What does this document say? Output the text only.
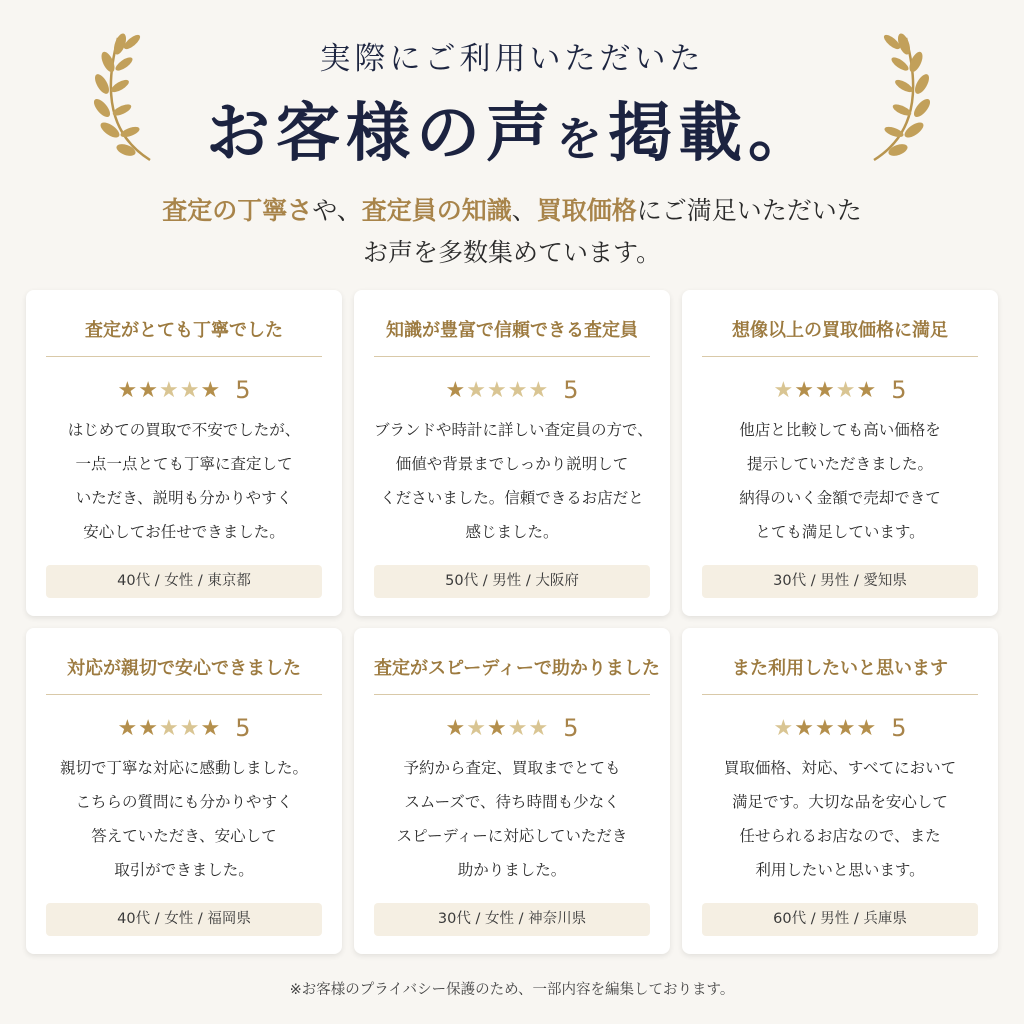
実際にご利用いただいた
お客様の声を掲載。
査定の丁寧さや、査定員の知識、買取価格にご満足いただいた
お声を多数集めています。
査定がとても丁寧でした
★★★★★ 5
はじめての買取で不安でしたが、
一点一点とても丁寧に査定して
いただき、説明も分かりやすく
安心してお任せできました。
40代 / 女性 / 東京都
知識が豊富で信頼できる査定員
★★★★★ 5
ブランドや時計に詳しい査定員の方で、
価値や背景までしっかり説明して
くださいました。信頼できるお店だと
感じました。
50代 / 男性 / 大阪府
想像以上の買取価格に満足
★★★★★ 5
他店と比較しても高い価格を
提示していただきました。
納得のいく金額で売却できて
とても満足しています。
30代 / 男性 / 愛知県
対応が親切で安心できました
★★★★★ 5
親切で丁寧な対応に感動しました。
こちらの質問にも分かりやすく
答えていただき、安心して
取引ができました。
40代 / 女性 / 福岡県
査定がスピーディーで助かりました
★★★★★ 5
予約から査定、買取までとても
スムーズで、待ち時間も少なく
スピーディーに対応していただき
助かりました。
30代 / 女性 / 神奈川県
また利用したいと思います
★★★★★ 5
買取価格、対応、すべてにおいて
満足です。大切な品を安心して
任せられるお店なので、また
利用したいと思います。
60代 / 男性 / 兵庫県
※お客様のプライバシー保護のため、一部内容を編集しております。
